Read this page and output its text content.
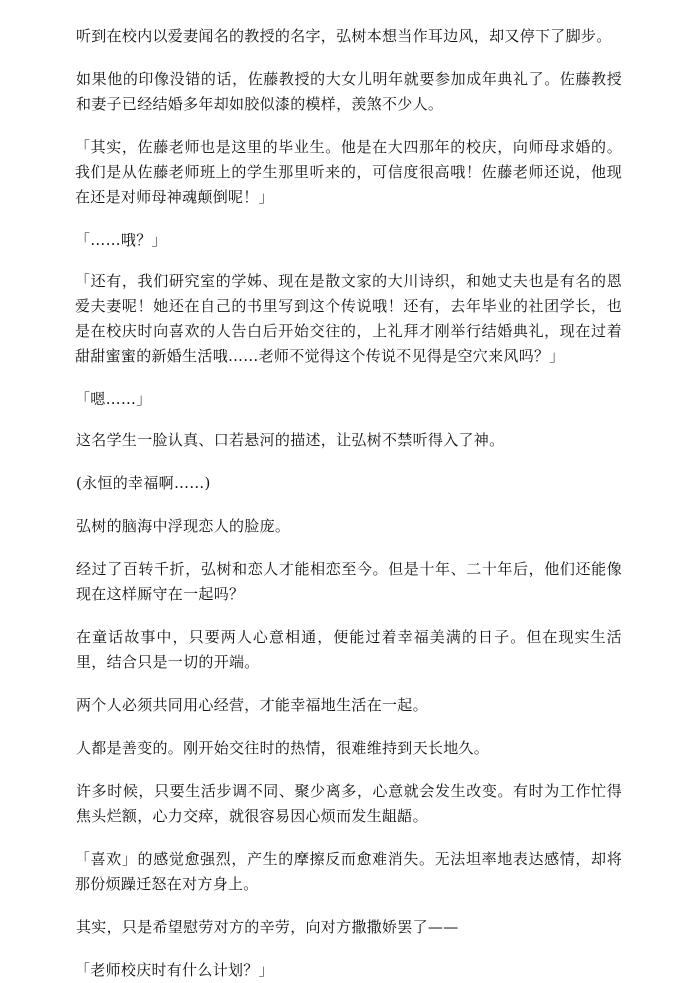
听到在校内以爱妻闻名的教授的名字，弘树本想当作耳边风，却又停下了脚步。

如果他的印像没错的话，佐藤教授的大女儿明年就要参加成年典礼了。佐藤教授和妻子已经结婚多年却如胶似漆的模样，羡煞不少人。

「其实，佐藤老师也是这里的毕业生。他是在大四那年的校庆，向师母求婚的。我们是从佐藤老师班上的学生那里听来的，可信度很高哦！佐藤老师还说，他现在还是对师母神魂颠倒呢！」

「……哦？」

「还有，我们研究室的学姊、现在是散文家的大川诗织，和她丈夫也是有名的恩爱夫妻呢！她还在自己的书里写到这个传说哦！还有，去年毕业的社团学长，也是在校庆时向喜欢的人告白后开始交往的，上礼拜才刚举行结婚典礼，现在过着甜甜蜜蜜的新婚生活哦……老师不觉得这个传说不见得是空穴来风吗？」

「嗯……」

这名学生一脸认真、口若悬河的描述，让弘树不禁听得入了神。

(永恒的幸福啊……)

弘树的脑海中浮现恋人的脸庞。

经过了百转千折，弘树和恋人才能相恋至今。但是十年、二十年后，他们还能像现在这样厮守在一起吗？

在童话故事中，只要两人心意相通，便能过着幸福美满的日子。但在现实生活里，结合只是一切的开端。

两个人必须共同用心经营，才能幸福地生活在一起。

人都是善变的。刚开始交往时的热情，很难维持到天长地久。

许多时候，只要生活步调不同、聚少离多，心意就会发生改变。有时为工作忙得焦头烂额，心力交瘁，就很容易因心烦而发生龃龉。

「喜欢」的感觉愈强烈，产生的摩擦反而愈难消失。无法坦率地表达感情，却将那份烦躁迁怒在对方身上。

其实，只是希望慰劳对方的辛劳，向对方撒撒娇罢了——

「老师校庆时有什么计划？」
